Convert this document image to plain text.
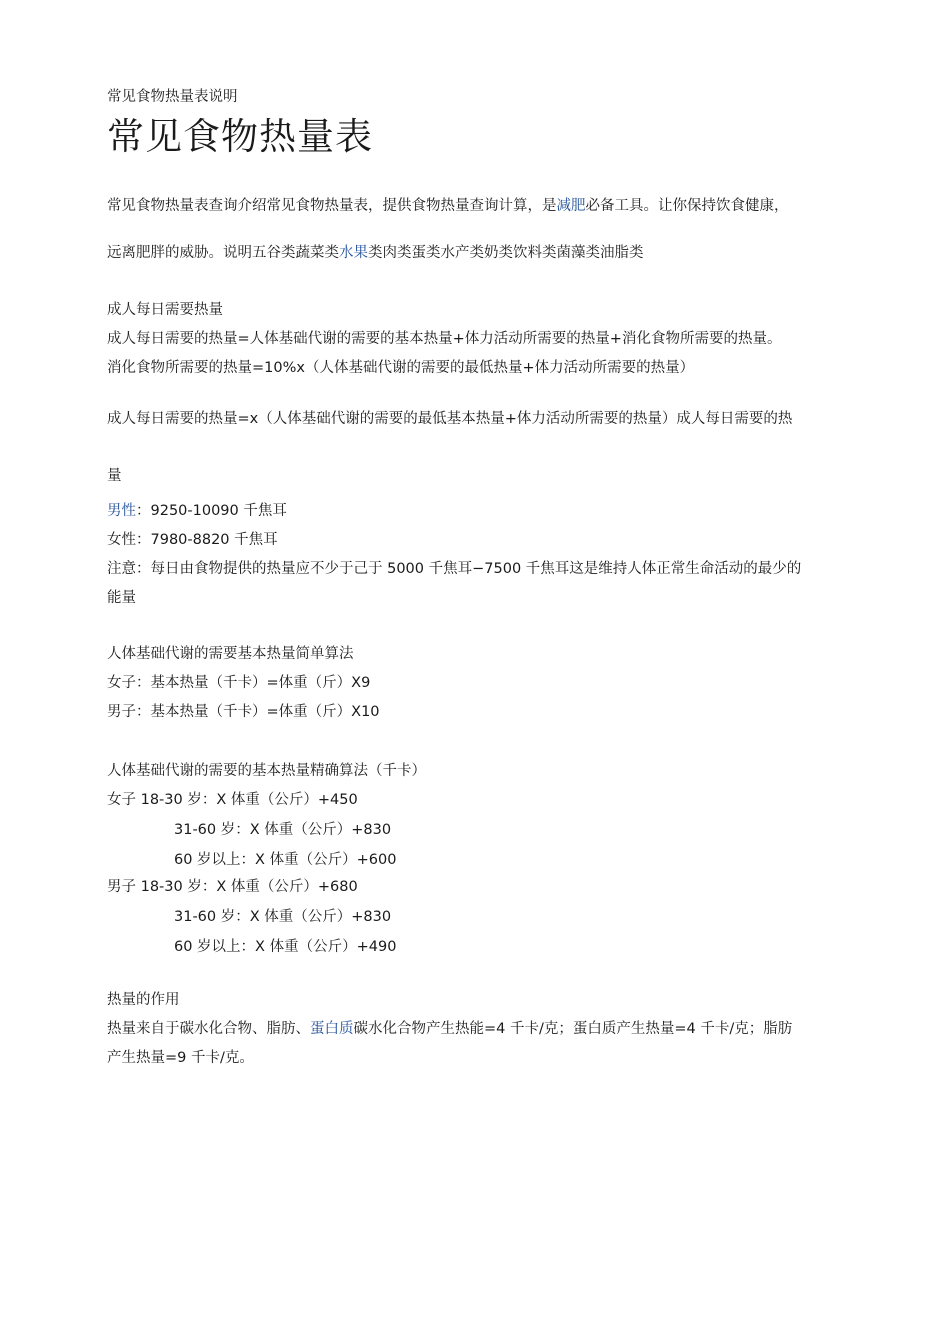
常见食物热量表说明
常见食物热量表
常见食物热量表查询介绍常见食物热量表，提供食物热量查询计算，是减肥必备工具。让你保持饮食健康，
远离肥胖的威胁。说明五谷类蔬菜类水果类肉类蛋类水产类奶类饮料类菌藻类油脂类
成人每日需要热量
成人每日需要的热量=人体基础代谢的需要的基本热量+体力活动所需要的热量+消化食物所需要的热量。
消化食物所需要的热量=10%x（人体基础代谢的需要的最低热量+体力活动所需要的热量）
成人每日需要的热量=x（人体基础代谢的需要的最低基本热量+体力活动所需要的热量）成人每日需要的热
量
男性：9250-10090 千焦耳
女性：7980-8820 千焦耳
注意：每日由食物提供的热量应不少于己于 5000 千焦耳−7500 千焦耳这是维持人体正常生命活动的最少的
能量
人体基础代谢的需要基本热量简单算法
女子：基本热量（千卡）=体重（斤）X9
男子：基本热量（千卡）=体重（斤）X10
人体基础代谢的需要的基本热量精确算法（千卡）
女子 18-30 岁：X 体重（公斤）+450
31-60 岁：X 体重（公斤）+830
60 岁以上：X 体重（公斤）+600
男子 18-30 岁：X 体重（公斤）+680
31-60 岁：X 体重（公斤）+830
60 岁以上：X 体重（公斤）+490
热量的作用
热量来自于碳水化合物、脂肪、蛋白质碳水化合物产生热能=4 千卡/克；蛋白质产生热量=4 千卡/克；脂肪
产生热量=9 千卡/克。
